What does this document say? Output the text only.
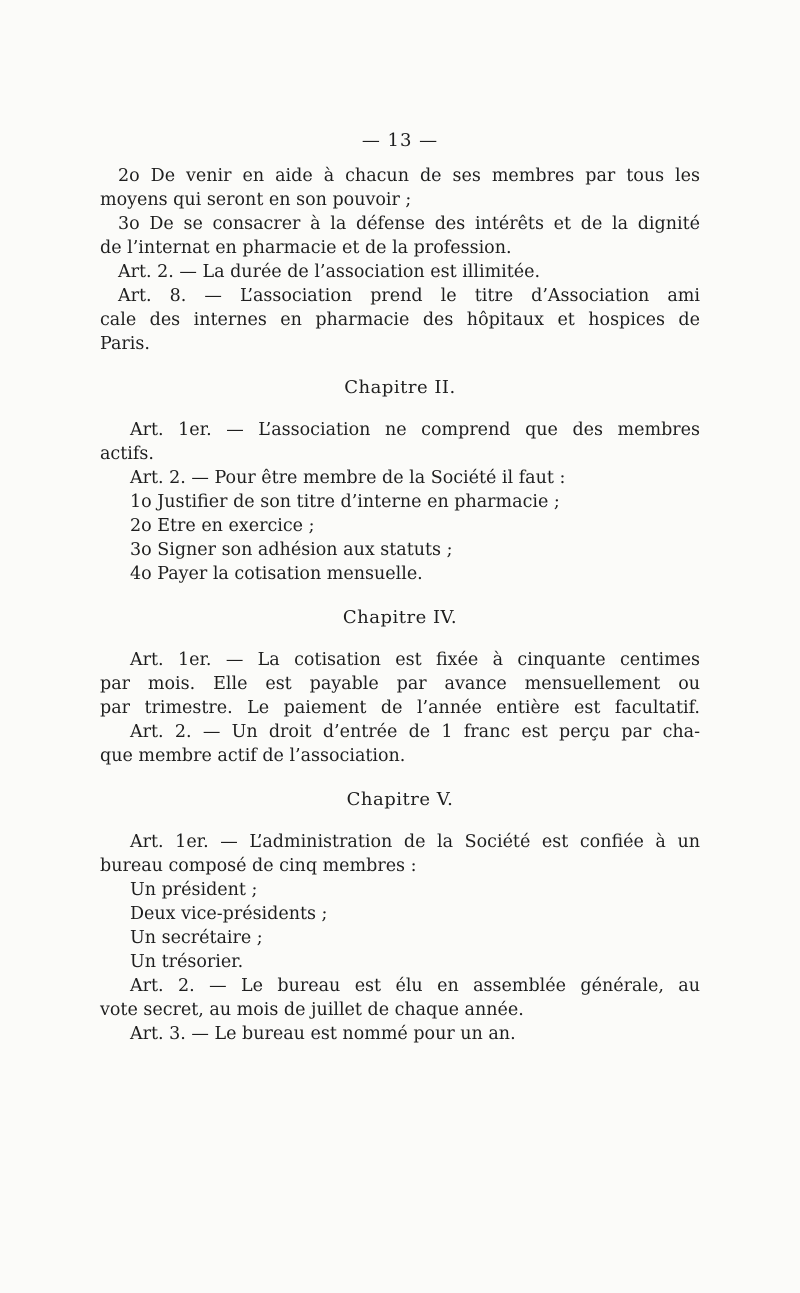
— 13 —
2o De venir en aide à chacun de ses membres par tous les
moyens qui seront en son pouvoir ;
3o De se consacrer à la défense des intérêts et de la dignité
de l’internat en pharmacie et de la profession.
Art. 2. — La durée de l’association est illimitée.
Art. 8. — L’association prend le titre d’Association ami
cale des internes en pharmacie des hôpitaux et hospices de
Paris.
Chapitre II.
Art. 1er. — L’association ne comprend que des membres
actifs.
Art. 2. — Pour être membre de la Société il faut :
1o Justifier de son titre d’interne en pharmacie ;
2o Etre en exercice ;
3o Signer son adhésion aux statuts ;
4o Payer la cotisation mensuelle.
Chapitre IV.
Art. 1er. — La cotisation est fixée à cinquante centimes
par mois. Elle est payable par avance mensuellement ou
par trimestre. Le paiement de l’année entière est facultatif.
Art. 2. — Un droit d’entrée de 1 franc est perçu par cha-
que membre actif de l’association.
Chapitre V.
Art. 1er. — L’administration de la Société est confiée à un
bureau composé de cinq membres :
Un président ;
Deux vice-présidents ;
Un secrétaire ;
Un trésorier.
Art. 2. — Le bureau est élu en assemblée générale, au
vote secret, au mois de juillet de chaque année.
Art. 3. — Le bureau est nommé pour un an.
